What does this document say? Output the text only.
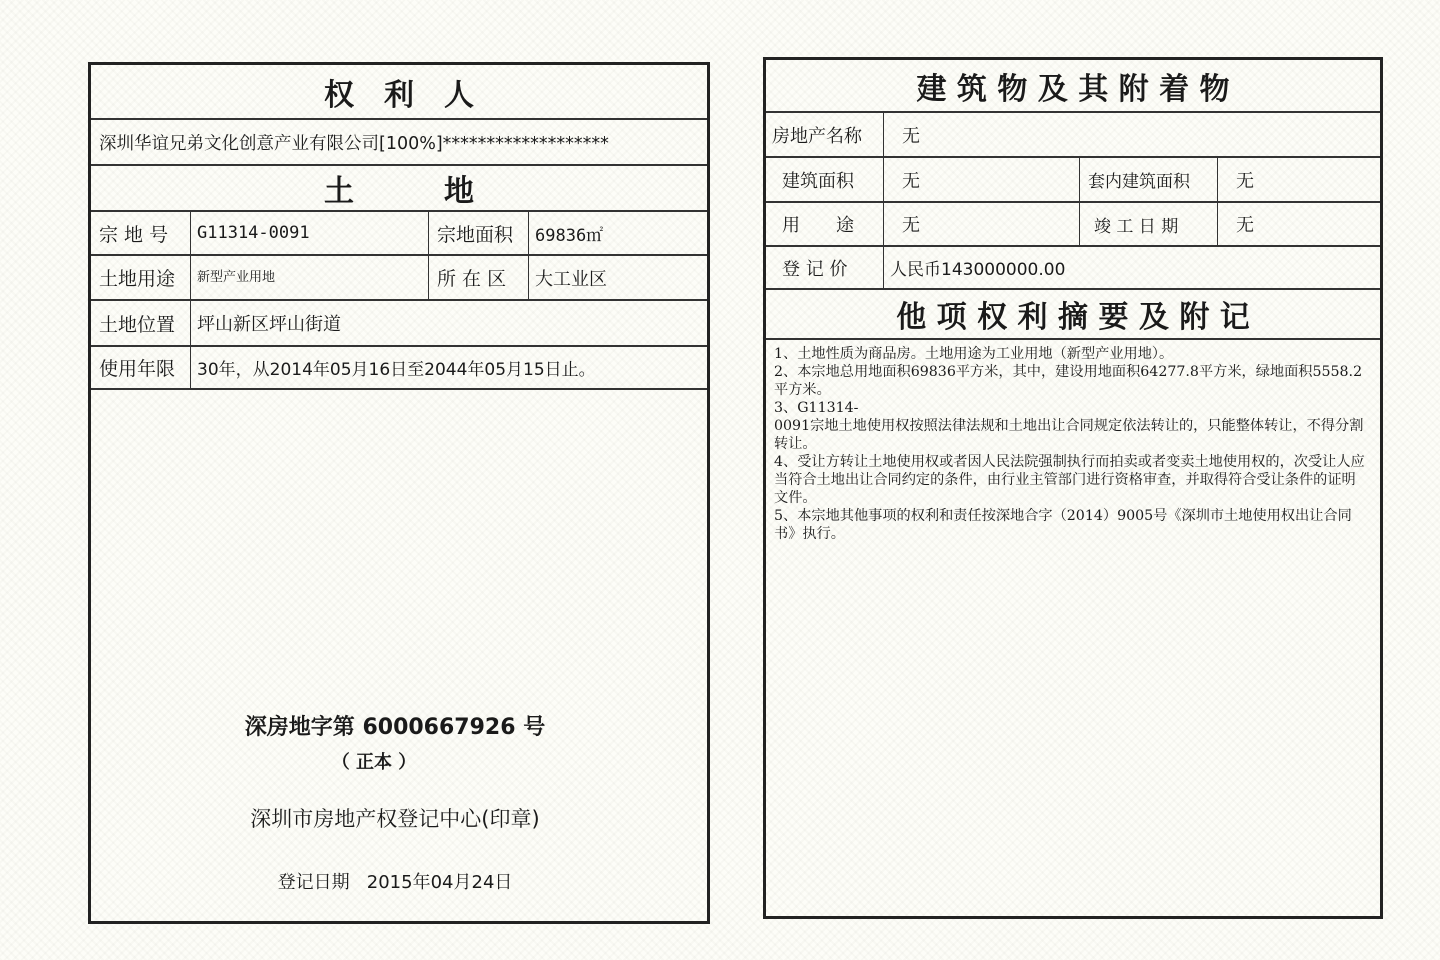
权　利　人
深圳华谊兄弟文化创意产业有限公司[100%]*******************
土　　　地
宗 地 号	G11314-0091	宗地面积	69836㎡
土地用途	新型产业用地	所 在 区	大工业区
土地位置	坪山新区坪山街道
使用年限	30年，从2014年05月16日至2044年05月15日止。
深房地字第 6000667926 号
（ 正本 ）
深圳市房地产权登记中心(印章)
登记日期 2015年04月24日
建 筑 物 及 其 附 着 物
房地产名称	无
建筑面积	无	套内建筑面积	无
用　　途	无	竣 工 日 期	无
登 记 价	人民币143000000.00
他 项 权 利 摘 要 及 附 记
1、土地性质为商品房。土地用途为工业用地（新型产业用地）。
2、本宗地总用地面积69836平方米，其中，建设用地面积64277.8平方米，绿地面积5558.2平方米。
3、G11314-
0091宗地土地使用权按照法律法规和土地出让合同规定依法转让的，只能整体转让，不得分割转让。
4、受让方转让土地使用权或者因人民法院强制执行而拍卖或者变卖土地使用权的，次受让人应当符合土地出让合同约定的条件，由行业主管部门进行资格审查，并取得符合受让条件的证明文件。
5、本宗地其他事项的权利和责任按深地合字（2014）9005号《深圳市土地使用权出让合同书》执行。
